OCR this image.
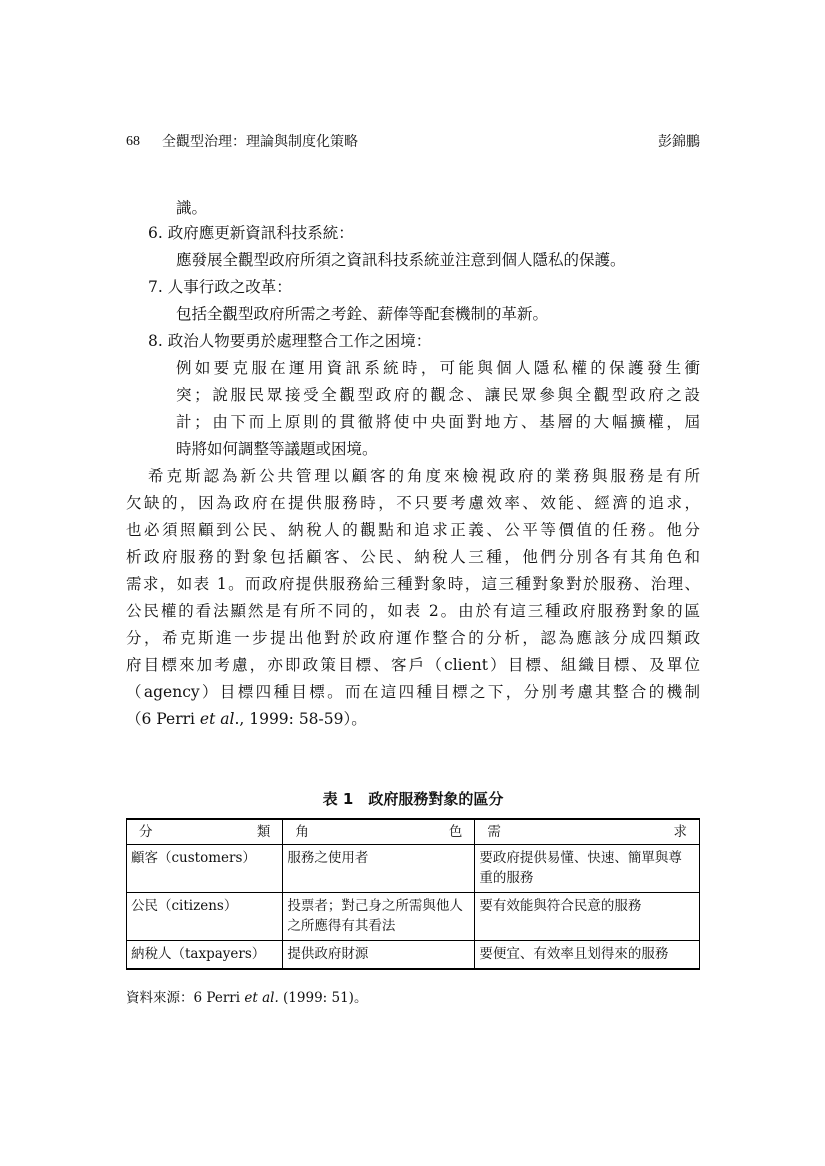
68 全觀型治理：理論與制度化策略	彭錦鵬
識。
6. 政府應更新資訊科技系統：
應發展全觀型政府所須之資訊科技系統並注意到個人隱私的保護。
7. 人事行政之改革：
包括全觀型政府所需之考銓、薪俸等配套機制的革新。
8. 政治人物要勇於處理整合工作之困境：
例如要克服在運用資訊系統時，可能與個人隱私權的保護發生衝
突；說服民眾接受全觀型政府的觀念、讓民眾參與全觀型政府之設
計；由下而上原則的貫徹將使中央面對地方、基層的大幅擴權，屆
時將如何調整等議題或困境。
希克斯認為新公共管理以顧客的角度來檢視政府的業務與服務是有所
欠缺的，因為政府在提供服務時，不只要考慮效率、效能、經濟的追求，
也必須照顧到公民、納稅人的觀點和追求正義、公平等價值的任務。他分
析政府服務的對象包括顧客、公民、納稅人三種，他們分別各有其角色和
需求，如表 1。而政府提供服務給三種對象時，這三種對象對於服務、治理、
公民權的看法顯然是有所不同的，如表 2。由於有這三種政府服務對象的區
分，希克斯進一步提出他對於政府運作整合的分析，認為應該分成四類政
府目標來加考慮，亦即政策目標、客戶（client）目標、組織目標、及單位
（agency）目標四種目標。而在這四種目標之下，分別考慮其整合的機制
（6 Perri et al., 1999: 58-59）。
表 1　政府服務對象的區分
分類	角色	需求

顧客（customers）	服務之使用者	要政府提供易懂、快速、簡單與尊重的服務
公民（citizens）	投票者；對己身之所需與他人之所應得有其看法	要有效能與符合民意的服務
納稅人（taxpayers）	提供政府財源	要便宜、有效率且划得來的服務
資料來源：6 Perri et al. (1999: 51)。
